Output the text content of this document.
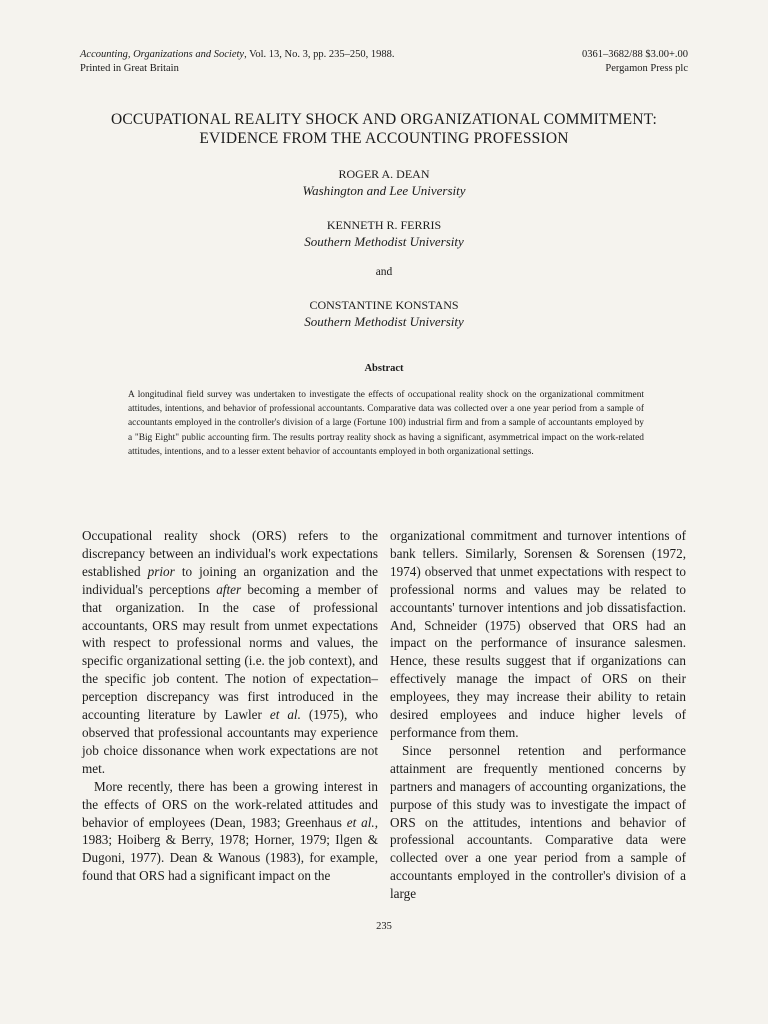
Accounting, Organizations and Society, Vol. 13, No. 3, pp. 235–250, 1988.
Printed in Great Britain
0361–3682/88 $3.00+.00
Pergamon Press plc
OCCUPATIONAL REALITY SHOCK AND ORGANIZATIONAL COMMITMENT:
EVIDENCE FROM THE ACCOUNTING PROFESSION
ROGER A. DEAN
Washington and Lee University
KENNETH R. FERRIS
Southern Methodist University
and
CONSTANTINE KONSTANS
Southern Methodist University
Abstract
A longitudinal field survey was undertaken to investigate the effects of occupational reality shock on the organizational commitment attitudes, intentions, and behavior of professional accountants. Comparative data was collected over a one year period from a sample of accountants employed in the controller's division of a large (Fortune 100) industrial firm and from a sample of accountants employed by a "Big Eight" public accounting firm. The results portray reality shock as having a significant, asymmetrical impact on the work-related attitudes, intentions, and to a lesser extent behavior of accountants employed in both organizational settings.

Occupational reality shock (ORS) refers to the discrepancy between an individual's work expectations established prior to joining an organization and the individual's perceptions after becoming a member of that organization. In the case of professional accountants, ORS may result from unmet expectations with respect to professional norms and values, the specific organizational setting (i.e. the job context), and the specific job content. The notion of expectation–perception discrepancy was first introduced in the accounting literature by Lawler et al. (1975), who observed that professional accountants may experience job choice dissonance when work expectations are not met.

More recently, there has been a growing interest in the effects of ORS on the work-related attitudes and behavior of employees (Dean, 1983; Greenhaus et al., 1983; Hoiberg & Berry, 1978; Horner, 1979; Ilgen & Dugoni, 1977). Dean & Wanous (1983), for example, found that ORS had a significant impact on the

organizational commitment and turnover intentions of bank tellers. Similarly, Sorensen & Sorensen (1972, 1974) observed that unmet expectations with respect to professional norms and values may be related to accountants' turnover intentions and job dissatisfaction. And, Schneider (1975) observed that ORS had an impact on the performance of insurance salesmen. Hence, these results suggest that if organizations can effectively manage the impact of ORS on their employees, they may increase their ability to retain desired employees and induce higher levels of performance from them.

Since personnel retention and performance attainment are frequently mentioned concerns by partners and managers of accounting organizations, the purpose of this study was to investigate the impact of ORS on the attitudes, intentions and behavior of professional accountants. Comparative data were collected over a one year period from a sample of accountants employed in the controller's division of a large

235
